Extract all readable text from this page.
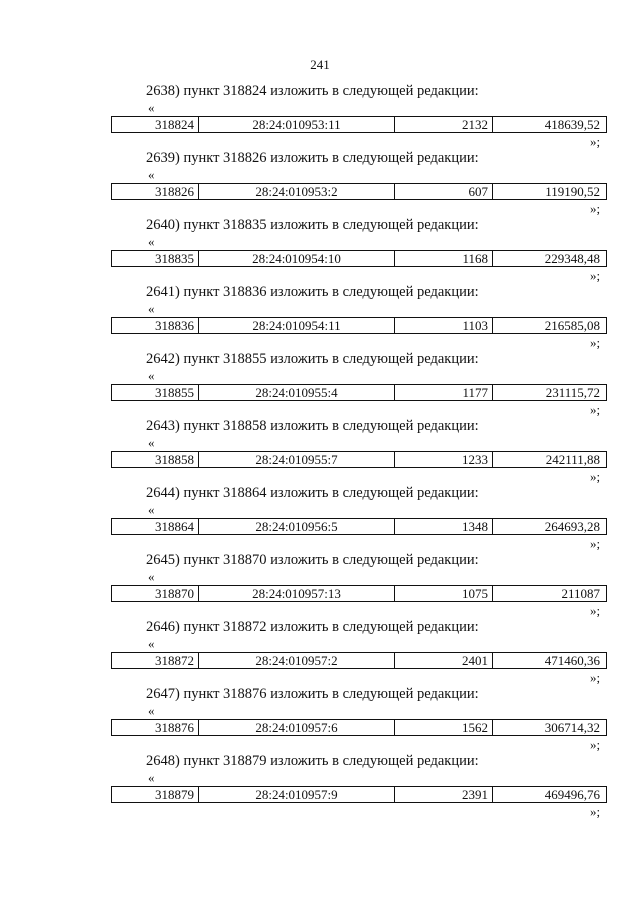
241
2638) пункт 318824 изложить в следующей редакции:
«
318824	28:24:010953:11	2132	418639,52
»;
2639) пункт 318826 изложить в следующей редакции:
«
318826	28:24:010953:2	607	119190,52
»;
2640) пункт 318835 изложить в следующей редакции:
«
318835	28:24:010954:10	1168	229348,48
»;
2641) пункт 318836 изложить в следующей редакции:
«
318836	28:24:010954:11	1103	216585,08
»;
2642) пункт 318855 изложить в следующей редакции:
«
318855	28:24:010955:4	1177	231115,72
»;
2643) пункт 318858 изложить в следующей редакции:
«
318858	28:24:010955:7	1233	242111,88
»;
2644) пункт 318864 изложить в следующей редакции:
«
318864	28:24:010956:5	1348	264693,28
»;
2645) пункт 318870 изложить в следующей редакции:
«
318870	28:24:010957:13	1075	211087
»;
2646) пункт 318872 изложить в следующей редакции:
«
318872	28:24:010957:2	2401	471460,36
»;
2647) пункт 318876 изложить в следующей редакции:
«
318876	28:24:010957:6	1562	306714,32
»;
2648) пункт 318879 изложить в следующей редакции:
«
318879	28:24:010957:9	2391	469496,76
»;
